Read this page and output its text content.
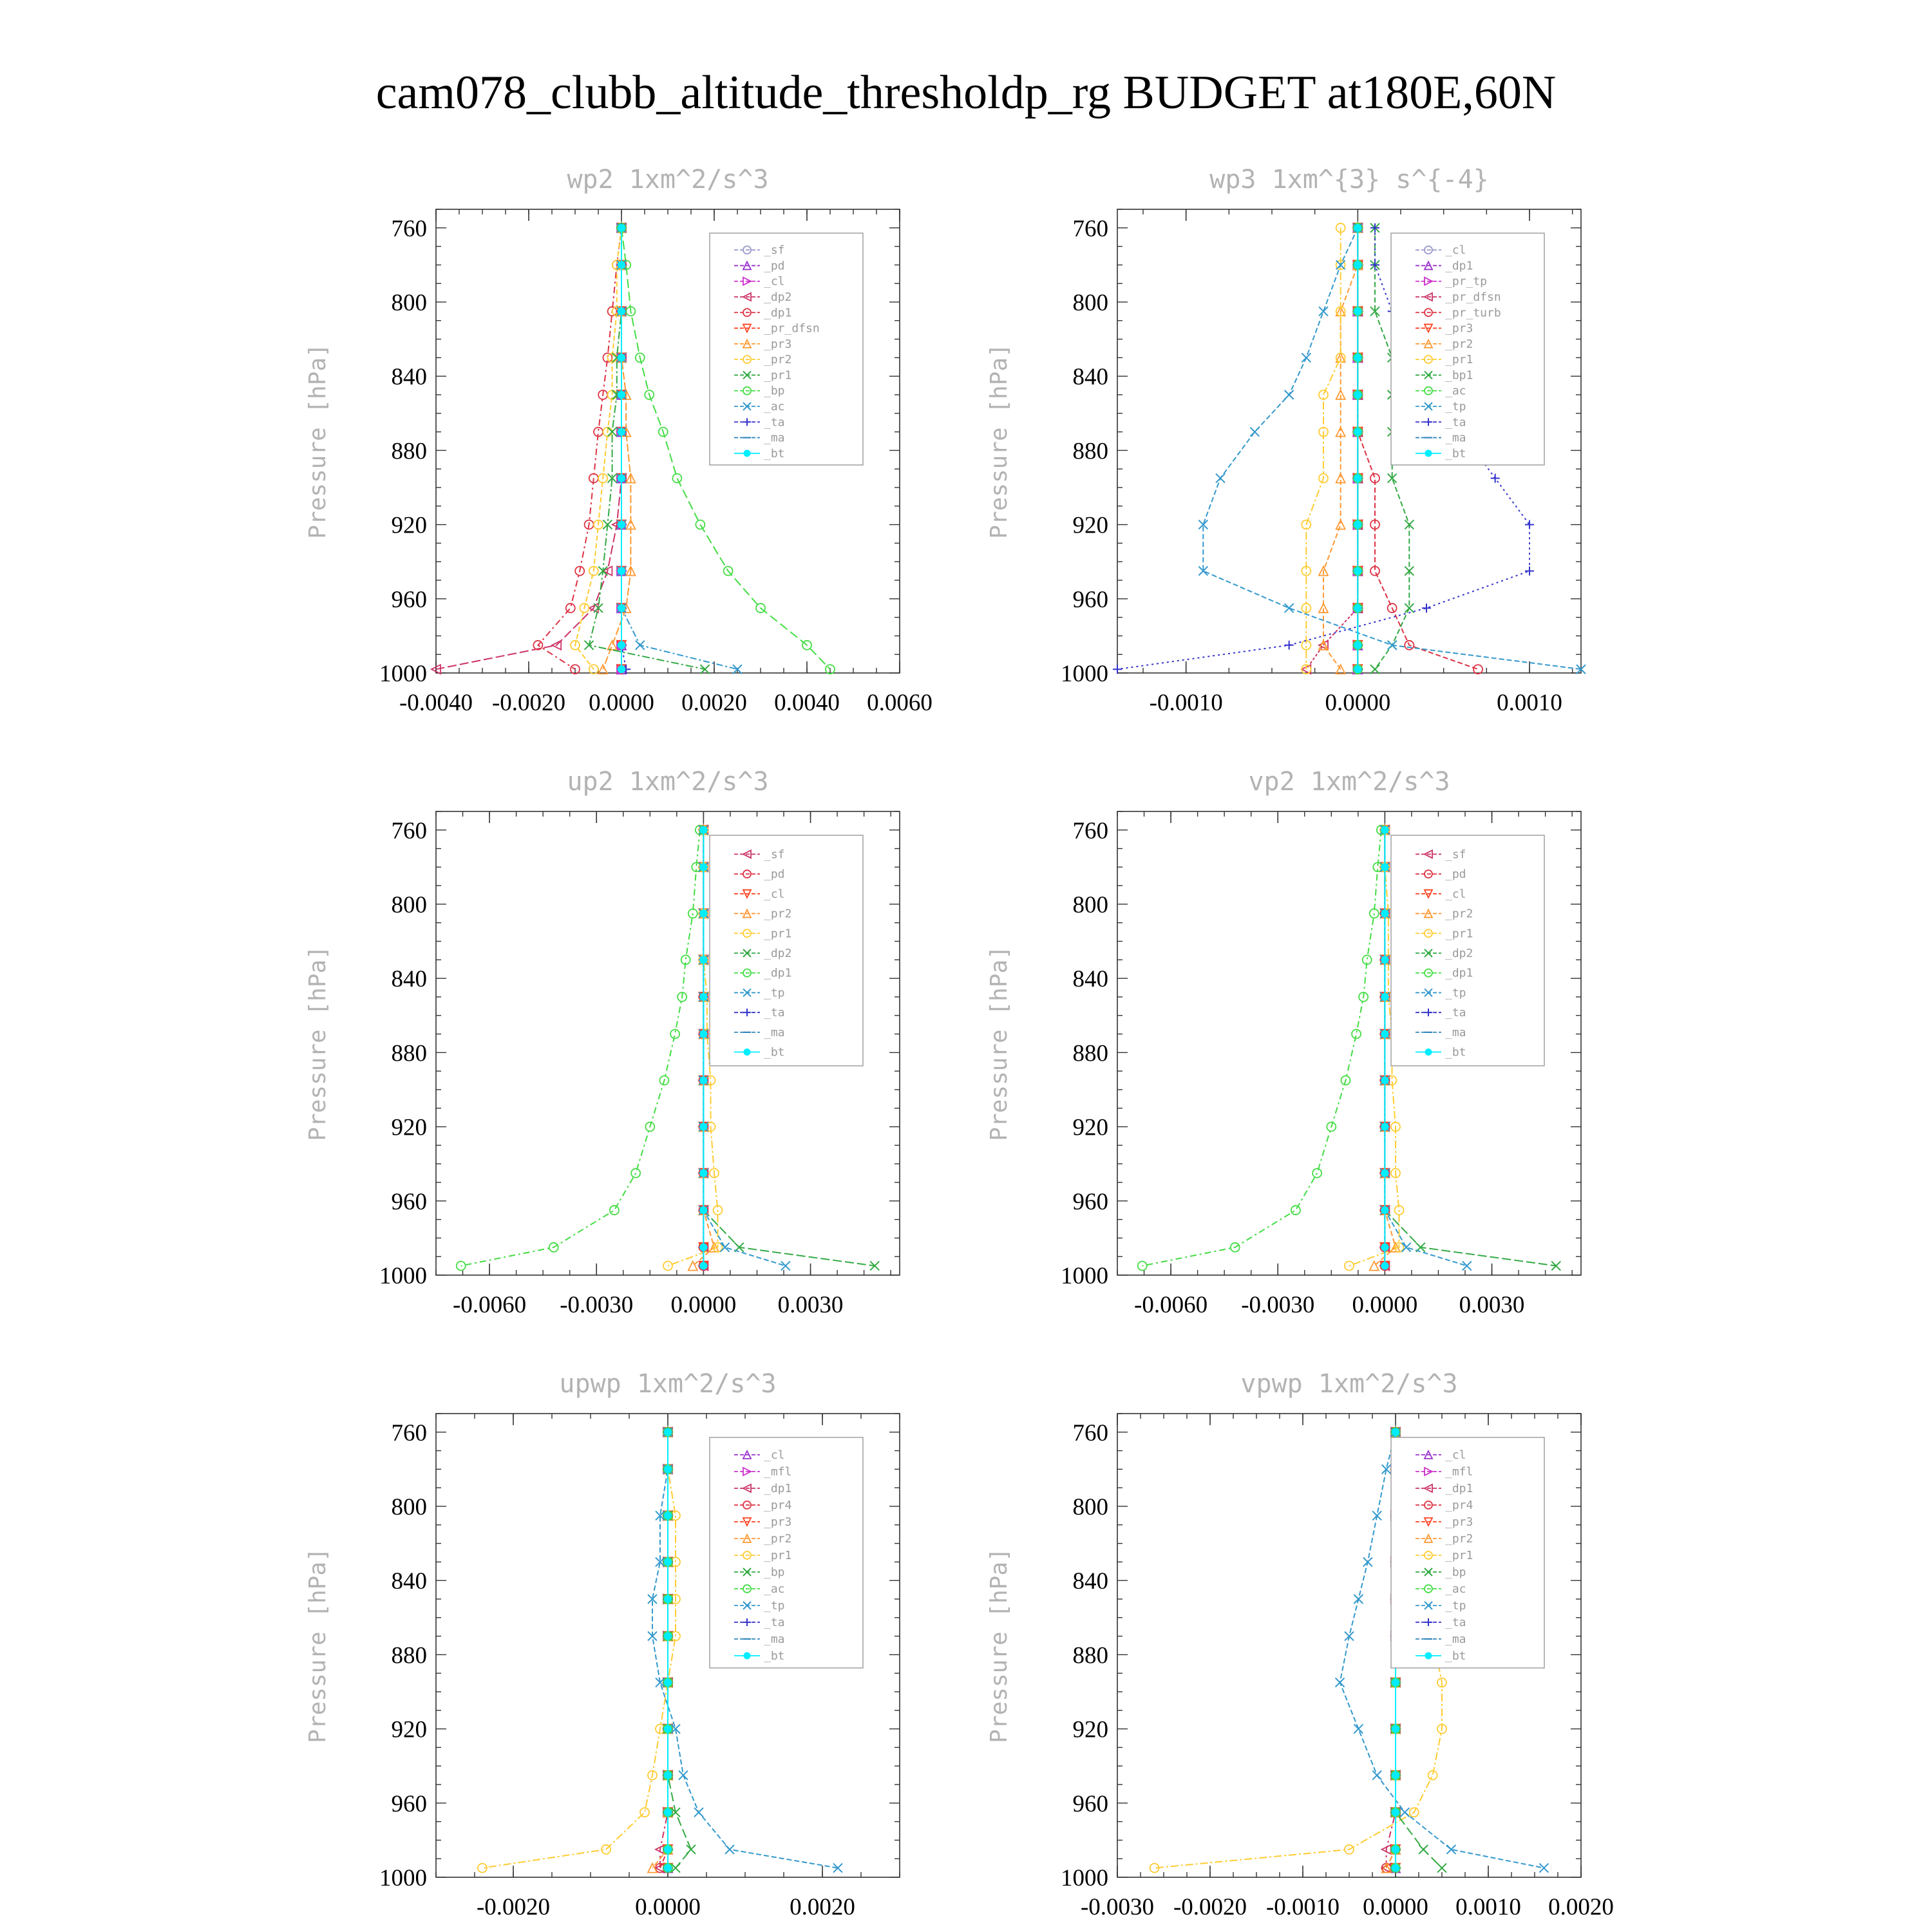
cam078_clubb_altitude_thresholdp_rg BUDGET at180E,60N
wp2 1xm^2/s^3
Pressure [hPa]
760
800
840
880
920
960
1000
-0.0040 -0.0020 0.0000 0.0020 0.0040 0.0060
_sf
_pd
_cl
_dp2
_dp1
_pr_dfsn
_pr3
_pr2
_pr1
_bp
_ac
_ta
_ma
_bt
wp3 1xm^{3} s^{-4}
Pressure [hPa]
760
800
840
880
920
960
1000
-0.0010	0.0000	0.0010
_cl
_dp1
_pr_tp
_pr_dfsn
_pr_turb
_pr3
_pr2
_pr1
_bp1
_ac
_tp
_ta
_ma
_bt
up2 1xm^2/s^3
Pressure [hPa]
760
800
840
880
920
960
1000
-0.0060 -0.0030 0.0000 0.0030
_sf
_pd
_cl
_pr2
_pr1
_dp2
_dp1
_tp
_ta
_ma
_bt
vp2 1xm^2/s^3
Pressure [hPa]
760
800
840
880
920
960
1000
-0.0060 -0.0030 0.0000 0.0030
_sf
_pd
_cl
_pr2
_pr1
_dp2
_dp1
_tp
_ta
_ma
_bt
upwp 1xm^2/s^3
Pressure [hPa]
760
800
840
880
920
960
1000
-0.0020	0.0000	0.0020
_cl
_mfl
_dp1
_pr4
_pr3
_pr2
_pr1
_bp
_ac
_tp
_ta
_ma
_bt
vpwp 1xm^2/s^3
Pressure [hPa]
760
800
840
880
920
960
1000
-0.0030 -0.0020 -0.0010 0.0000 0.0010 0.0020
_cl
_mfl
_dp1
_pr4
_pr3
_pr2
_pr1
_bp
_ac
_tp
_ta
_ma
_bt
